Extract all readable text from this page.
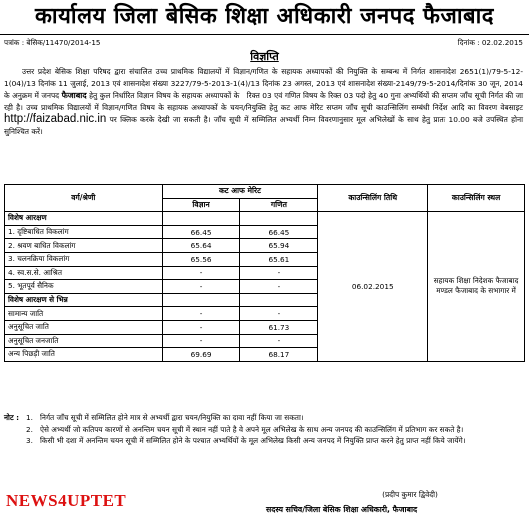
कार्यालय जिला बेसिक शिक्षा अधिकारी जनपद फैजाबाद
पत्रांक : बेसिक/11470/2014-15	दिनांक : 02.02.2015
विज्ञप्ति
उत्तर प्रदेश बेसिक शिक्षा परिषद द्वारा संचालित उच्च प्राथमिक विद्यालयों में विज्ञान/गणित के सहायक अध्यापकों की नियुक्ति के सम्बन्ध में निर्गत शासनादेश 2651(1)/79-5-12-1(04)/13 दिनांक 11 जुलाई, 2013 एवं शासनादेश संख्या 3227/79-5-2013-1(4)/13 दिनांक 23 अगस्त, 2013 एवं शासनादेश संख्या-2149/79-5-2014/दिनांक 30 जून, 2014 के अनुक्रम में जनपद फैजाबाद हेतु कुल निर्धारित विज्ञान विषय के सहायक अध्यापकों के रिक्त 03 एवं गणित विषय के रिक्त 03 पदो हेतु 40 गुना अभ्यर्थियों की सप्तम जाँच सूची निर्गत की जा रही है। उच्च प्राथमिक विद्यालयों में विज्ञान/गणित विषय के सहायक अध्यापकों के चयन/नियुक्ति हेतु कट आफ मेरिट सप्तम जाँच सूची काउन्सिलिंग सम्बंधी निर्देश आदि का विवरण वेबसाइट http://faizabad.nic.in पर क्लिक करके देखी जा सकती है। जाँच सूची में सम्मिलित अभ्यर्थी निम्न विवरणानुसार मूल अभिलेखों के साथ हेतु प्रातः 10.00 बजे उपस्थित होना सुनिश्चित करें।
वर्ग/श्रेणी	कट आफ मेरिट		काउन्सिलिंग तिथि	काउन्सिलिंग स्थल
	विज्ञान	गणित		
विशेष आरक्षण			06.02.2015	सहायक शिक्षा निदेशक फैजाबाद मण्डल फैजाबाद के सभागार में
1. दृष्टिबाधित विकलांग	66.45	66.45		
2. श्रवण बाधित विकलांग	65.64	65.94		
3. चलनक्रिया विकलांग	65.56	65.61		
4. स्व.स.से. आश्रित	-	-		
5. भूतपूर्व सैनिक	-	-		
विशेष आरक्षण से भिन्न				
सामान्य जाति	-	-		
अनुसूचित जाति	-	61.73		
अनुसूचित जनजाति	-	-		
अन्य पिछड़ी जाति	69.69	68.17		
नोट : 1. निर्गत जाँच सूची में सम्मिलित होने मात्र से अभ्यर्थी द्वारा चयन/नियुक्ति का दावा नहीं किया जा सकता।
2. ऐसे अभ्यर्थी जो कतिपय कारणों से अनन्तिम चयन सूची में स्थान नहीं पाते है वे अपने मूल अभिलेख के साथ अन्य जनपद की काउन्सिलिंग में प्रतिभाग कर सकते है।
3. किसी भी दशा में अनन्तिम चयन सूची में सम्मिलित होने के पश्चात अभ्यर्थियों के मूल अभिलेख किसी अन्य जनपद में नियुक्ति प्राप्त करने हेतु प्राप्त नहीं किये जायेंगे।
NEWS4UPTET	(प्रदीप कुमार द्विवेदी)
सदस्य सचिव/जिला बेसिक शिक्षा अधिकारी, फैजाबाद
